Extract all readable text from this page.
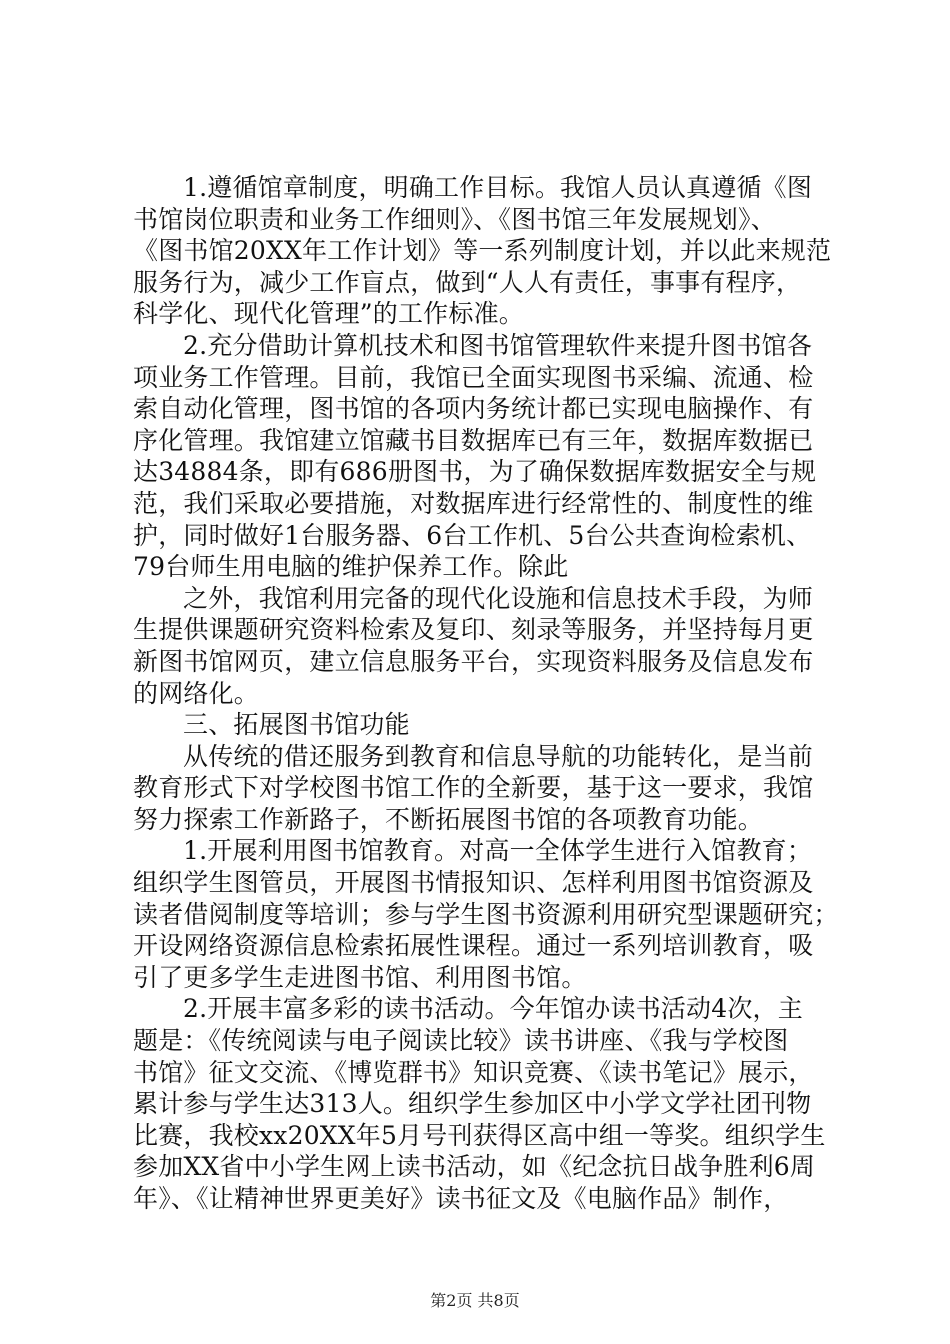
1.遵循馆章制度，明确工作目标。我馆人员认真遵循《图
书馆岗位职责和业务工作细则》、《图书馆三年发展规划》、
《图书馆20XX年工作计划》等一系列制度计划，并以此来规范
服务行为，减少工作盲点，做到“人人有责任，事事有程序，
科学化、现代化管理”的工作标准。
2.充分借助计算机技术和图书馆管理软件来提升图书馆各
项业务工作管理。目前，我馆已全面实现图书采编、流通、检
索自动化管理，图书馆的各项内务统计都已实现电脑操作、有
序化管理。我馆建立馆藏书目数据库已有三年，数据库数据已
达34884条，即有686册图书，为了确保数据库数据安全与规
范，我们采取必要措施，对数据库进行经常性的、制度性的维
护，同时做好1台服务器、6台工作机、5台公共查询检索机、
79台师生用电脑的维护保养工作。除此
之外，我馆利用完备的现代化设施和信息技术手段，为师
生提供课题研究资料检索及复印、刻录等服务，并坚持每月更
新图书馆网页，建立信息服务平台，实现资料服务及信息发布
的网络化。
三、拓展图书馆功能
从传统的借还服务到教育和信息导航的功能转化，是当前
教育形式下对学校图书馆工作的全新要，基于这一要求，我馆
努力探索工作新路子，不断拓展图书馆的各项教育功能。
1.开展利用图书馆教育。对高一全体学生进行入馆教育；
组织学生图管员，开展图书情报知识、怎样利用图书馆资源及
读者借阅制度等培训；参与学生图书资源利用研究型课题研究；
开设网络资源信息检索拓展性课程。通过一系列培训教育，吸
引了更多学生走进图书馆、利用图书馆。
2.开展丰富多彩的读书活动。今年馆办读书活动4次，主
题是：《传统阅读与电子阅读比较》读书讲座、《我与学校图
书馆》征文交流、《博览群书》知识竞赛、《读书笔记》展示，
累计参与学生达313人。组织学生参加区中小学文学社团刊物
比赛，我校xx20XX年5月号刊获得区高中组一等奖。组织学生
参加XX省中小学生网上读书活动，如《纪念抗日战争胜利6周
年》、《让精神世界更美好》读书征文及《电脑作品》制作，
第2页 共8页
